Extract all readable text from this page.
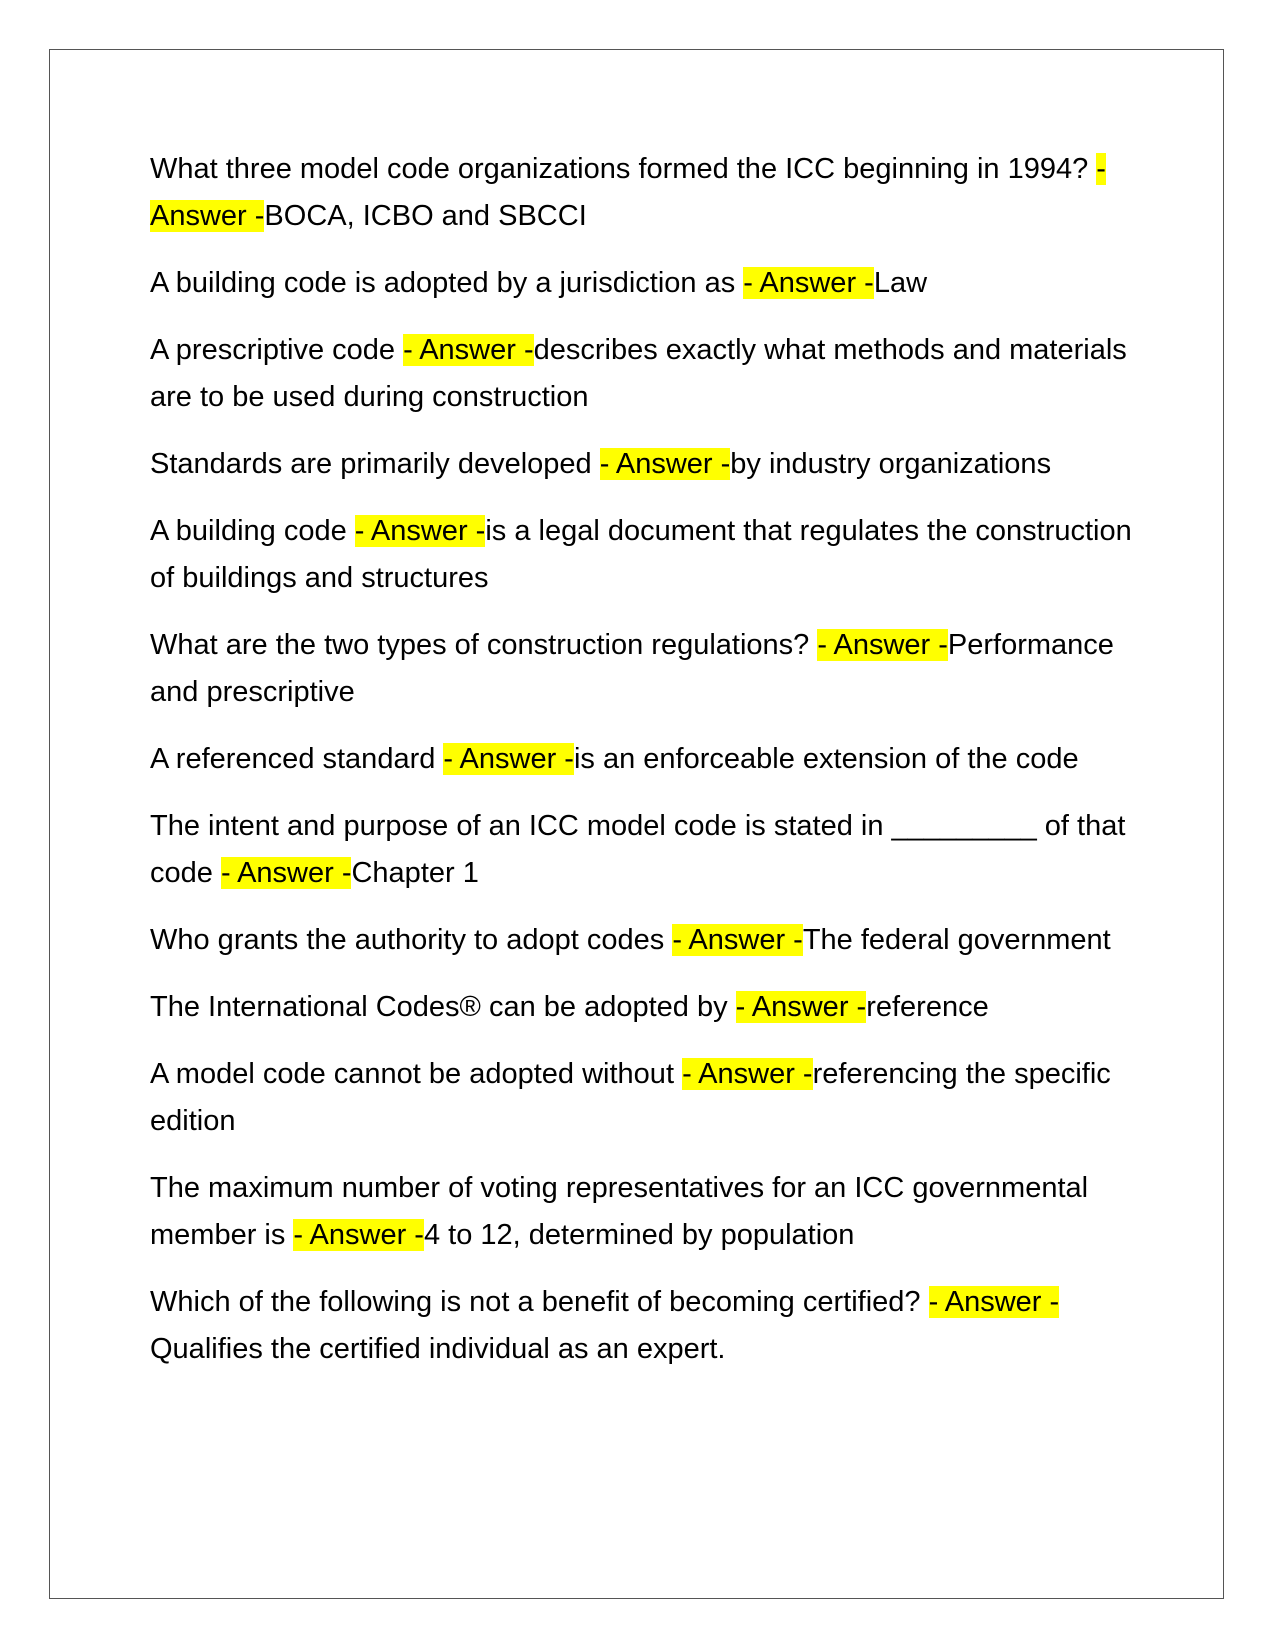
What three model code organizations formed the ICC beginning in 1994? - Answer -BOCA, ICBO and SBCCI

A building code is adopted by a jurisdiction as - Answer -Law

A prescriptive code - Answer -describes exactly what methods and materials are to be used during construction

Standards are primarily developed - Answer -by industry organizations

A building code - Answer -is a legal document that regulates the construction of buildings and structures

What are the two types of construction regulations? - Answer -Performance and prescriptive

A referenced standard - Answer -is an enforceable extension of the code

The intent and purpose of an ICC model code is stated in _________ of that code - Answer -Chapter 1

Who grants the authority to adopt codes - Answer -The federal government

The International Codes® can be adopted by - Answer -reference

A model code cannot be adopted without - Answer -referencing the specific edition

The maximum number of voting representatives for an ICC governmental member is - Answer -4 to 12, determined by population

Which of the following is not a benefit of becoming certified? - Answer -Qualifies the certified individual as an expert.
